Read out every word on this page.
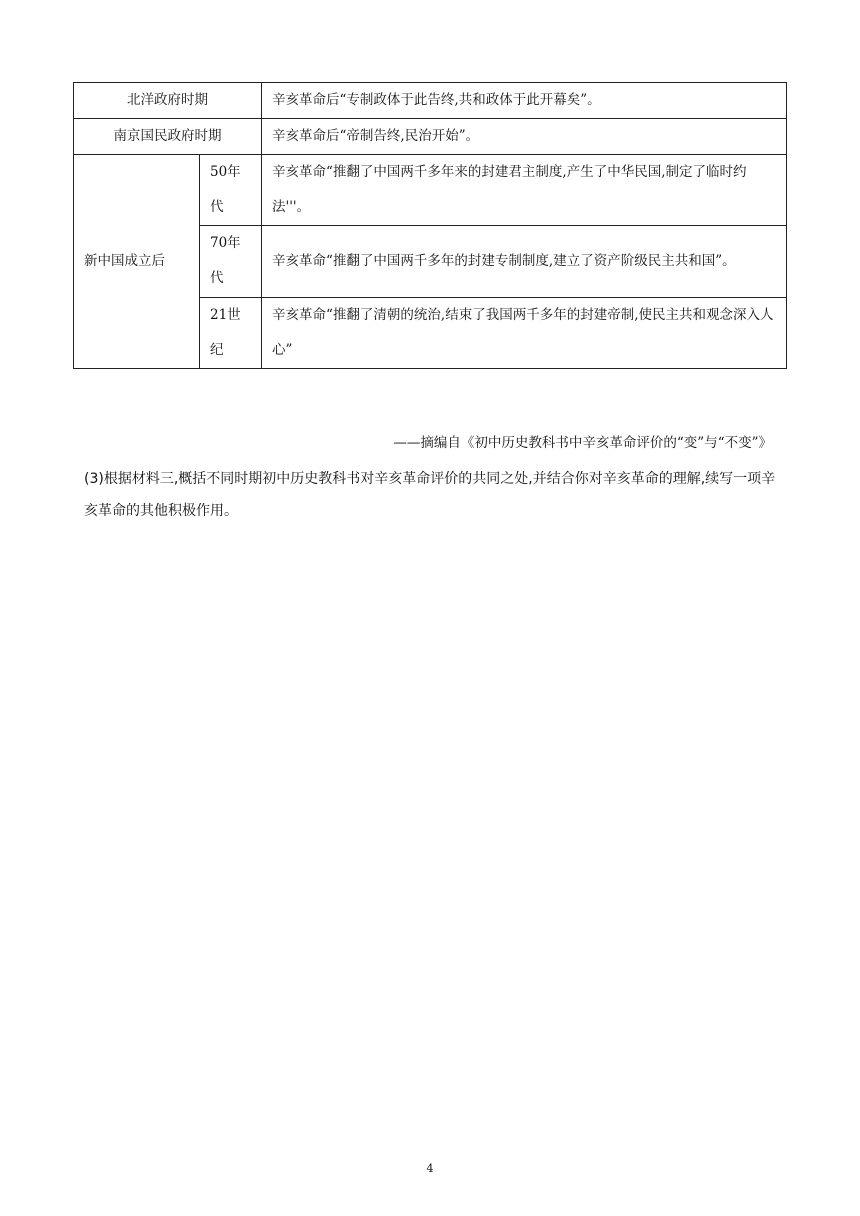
北洋政府时期		辛亥革命后“专制政体于此告终,共和政体于此开幕矣”。
南京国民政府时期		辛亥革命后“帝制告终,民治开始”。
新中国成立后	50年代	辛亥革命“推翻了中国两千多年来的封建君主制度,产生了中华民国,制定了临时约法'''。
	70年代	辛亥革命“推翻了中国两千多年的封建专制制度,建立了资产阶级民主共和国”。
	21世纪	辛亥革命“推翻了清朝的统治,结束了我国两千多年的封建帝制,使民主共和观念深入人心”
——摘编自《初中历史教科书中辛亥革命评价的“变”与“不变”》
(3)根据材料三,概括不同时期初中历史教科书对辛亥革命评价的共同之处,并结合你对辛亥革命的理解,续写一项辛亥革命的其他积极作用。
4
